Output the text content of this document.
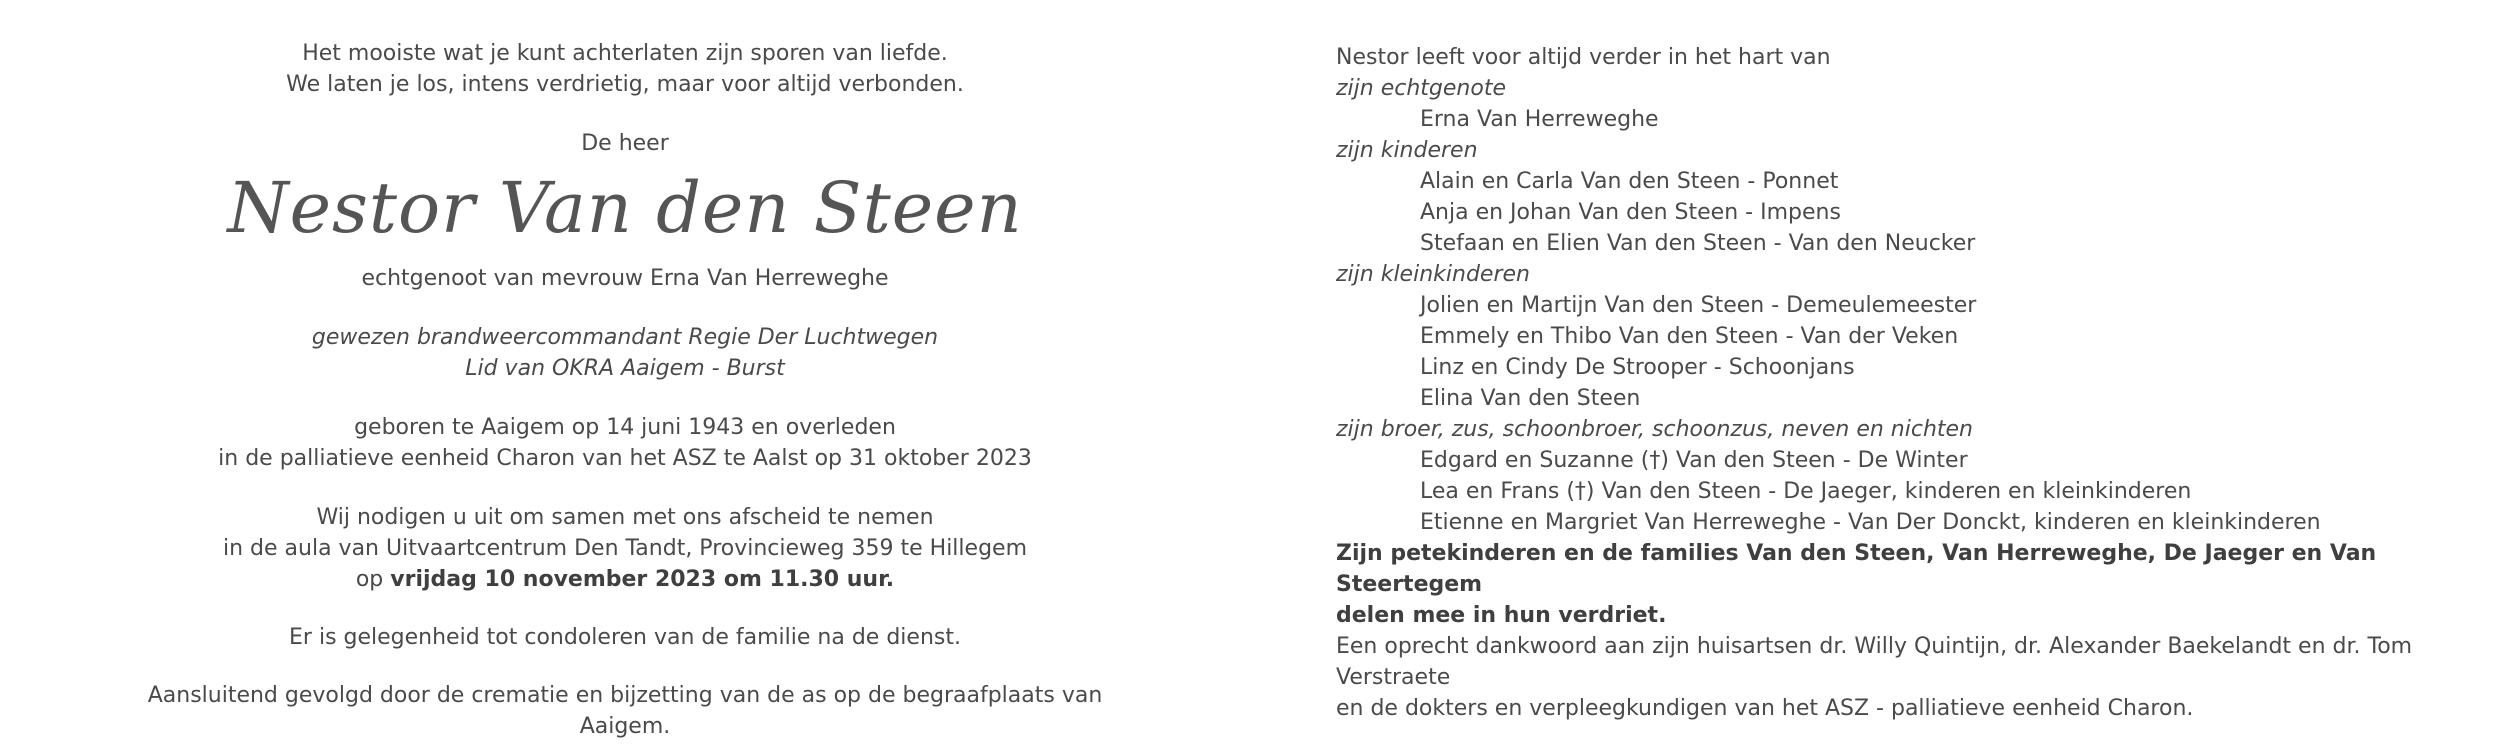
Het mooiste wat je kunt achterlaten zijn sporen van liefde.

We laten je los, intens verdrietig, maar voor altijd verbonden.

De heer

Nestor Van den Steen

echtgenoot van mevrouw Erna Van Herreweghe

gewezen brandweercommandant Regie Der Luchtwegen

Lid van OKRA Aaigem - Burst

geboren te Aaigem op 14 juni 1943 en overleden

in de palliatieve eenheid Charon van het ASZ te Aalst op 31 oktober 2023

Wij nodigen u uit om samen met ons afscheid te nemen

in de aula van Uitvaartcentrum Den Tandt, Provincieweg 359 te Hillegem

op vrijdag 10 november 2023 om 11.30 uur.

Er is gelegenheid tot condoleren van de familie na de dienst.

Aansluitend gevolgd door de crematie en bijzetting van de as op de begraafplaats van Aaigem.

Nestor leeft voor altijd verder in het hart van

zijn echtgenote

Erna Van Herreweghe

zijn kinderen

Alain en Carla Van den Steen - Ponnet

Anja en Johan Van den Steen - Impens

Stefaan en Elien Van den Steen - Van den Neucker

zijn kleinkinderen

Jolien en Martijn Van den Steen - Demeulemeester

Emmely en Thibo Van den Steen - Van der Veken

Linz en Cindy De Strooper - Schoonjans

Elina Van den Steen

zijn broer, zus, schoonbroer, schoonzus, neven en nichten

Edgard en Suzanne (†) Van den Steen - De Winter

Lea en Frans (†) Van den Steen - De Jaeger, kinderen en kleinkinderen

Etienne en Margriet Van Herreweghe - Van Der Donckt, kinderen en kleinkinderen

Zijn petekinderen en de families Van den Steen, Van Herreweghe, De Jaeger en Van Steertegem

delen mee in hun verdriet.

Een oprecht dankwoord aan zijn huisartsen dr. Willy Quintijn, dr. Alexander Baekelandt en dr. Tom Verstraete

en de dokters en verpleegkundigen van het ASZ - palliatieve eenheid Charon.
